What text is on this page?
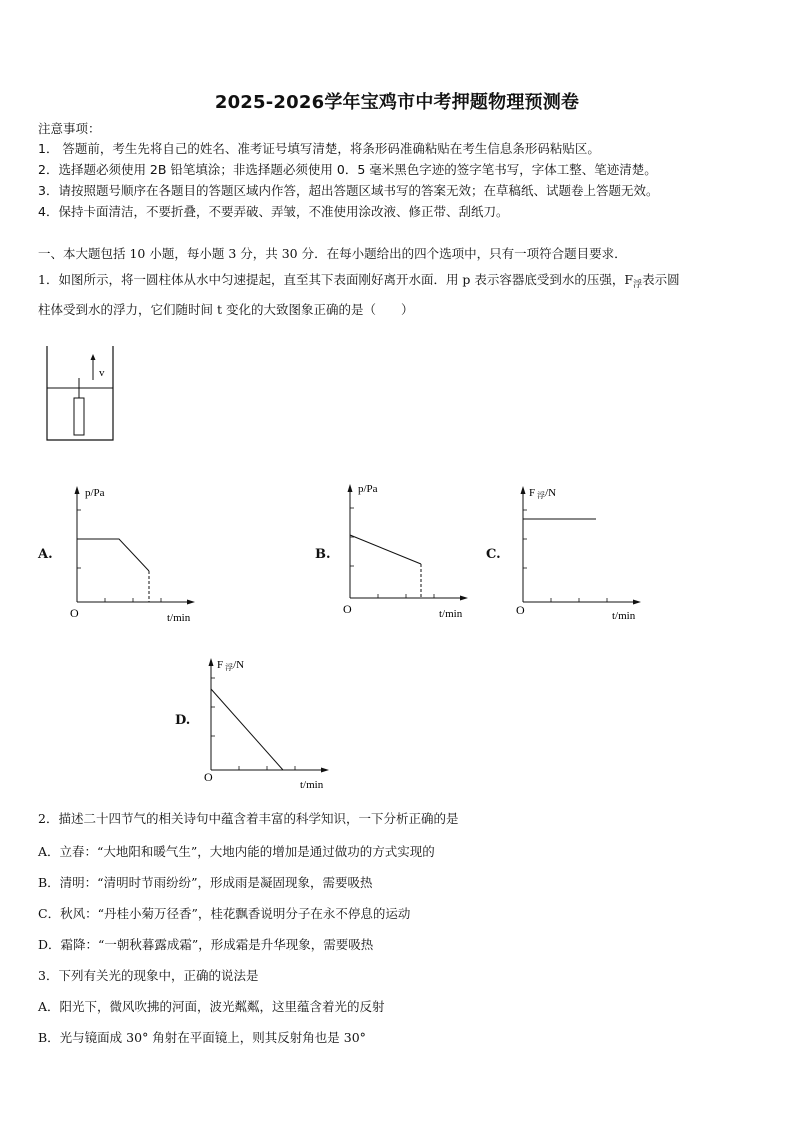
2025-2026学年宝鸡市中考押题物理预测卷
注意事项：
1． 答题前，考生先将自己的姓名、准考证号填写清楚，将条形码准确粘贴在考生信息条形码粘贴区。
2．选择题必须使用 2B 铅笔填涂；非选择题必须使用 0．5 毫米黑色字迹的签字笔书写，字体工整、笔迹清楚。
3．请按照题号顺序在各题目的答题区域内作答，超出答题区域书写的答案无效；在草稿纸、试题卷上答题无效。
4．保持卡面清洁，不要折叠，不要弄破、弄皱，不准使用涂改液、修正带、刮纸刀。
一、本大题包括 10 小题，每小题 3 分，共 30 分．在每小题给出的四个选项中，只有一项符合题目要求．
1．如图所示，将一圆柱体从水中匀速提起，直至其下表面刚好离开水面．用 p 表示容器底受到水的压强，$F_浮$表示圆
柱体受到水的浮力，它们随时间 t 变化的大致图象正确的是（　　）
v
A.
p/Pa
O	t/min
B.
p/Pa
O	t/min
C.
F 浮/N
O	t/min
D.
F 浮/N
O
t/min
2．描述二十四节气的相关诗句中蕴含着丰富的科学知识，一下分析正确的是
A．立春：“大地阳和暖气生”，大地内能的增加是通过做功的方式实现的
B．清明：“清明时节雨纷纷”，形成雨是凝固现象，需要吸热
C．秋风：“丹桂小菊万径香”，桂花飘香说明分子在永不停息的运动
D．霜降：“一朝秋暮露成霜”，形成霜是升华现象，需要吸热
3．下列有关光的现象中，正确的说法是
A．阳光下，微风吹拂的河面，波光粼粼，这里蕴含着光的反射
B．光与镜面成 30° 角射在平面镜上，则其反射角也是 30°
